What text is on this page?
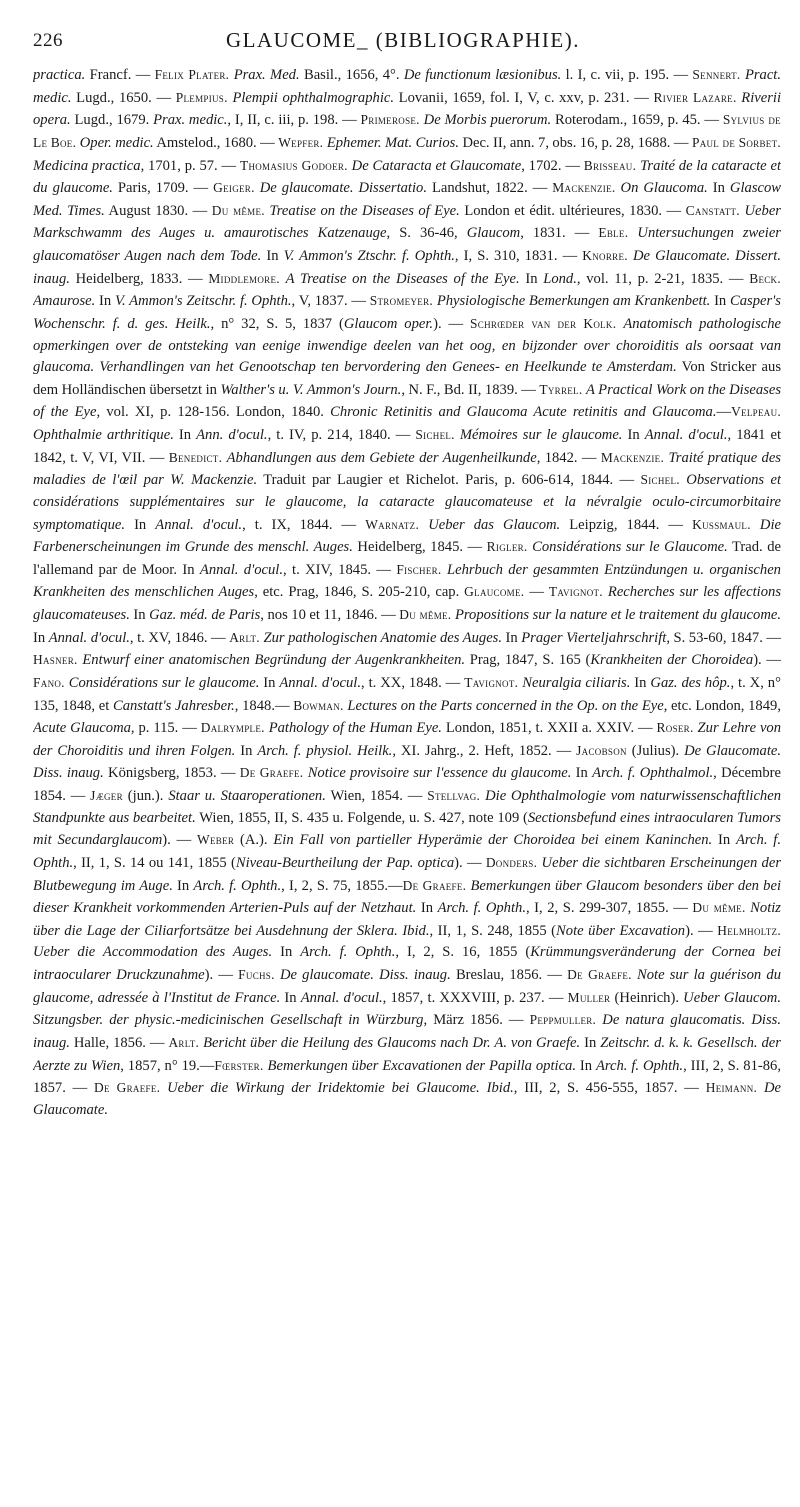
226	GLAUCOME_ (BIBLIOGRAPHIE).
practica. Francf. — Felix Plater. Prax. Med. Basil., 1656, 4°. De functionum læsionibus. l. I, c. vii, p. 195. — Sennert. Pract. medic. Lugd., 1650. — Plempius. Plempii ophthalmographic. Lovanii, 1659, fol. I, V, c. xxv, p. 231. — Rivier Lazare. Riverii opera. Lugd., 1679. Prax. medic., I, II, c. iii, p. 198. — Primerose. De Morbis puerorum. Roterodam., 1659, p. 45. — Sylvius de Le Boe. Oper. medic. Amstelod., 1680. — Wepfer. Ephemer. Mat. Curios. Dec. II, ann. 7, obs. 16, p. 28, 1688. — Paul de Sorbet. Medicina practica, 1701, p. 57. — Thomasius Godoer. De Cataracta et Glaucomate, 1702. — Brisseau. Traité de la cataracte et du glaucome. Paris, 1709. — Geiger. De glaucomate. Dissertatio. Landshut, 1822. — Mackenzie. On Glaucoma. In Glascow Med. Times. August 1830. — Du même. Treatise on the Diseases of Eye. London et édit. ultérieures, 1830. — Canstatt. Ueber Markschwamm des Auges u. amaurotisches Katzenauge, S. 36-46, Glaucom, 1831. — Eble. Untersuchungen zweier glaucomatöser Augen nach dem Tode. In V. Ammon's Ztschr. f. Ophth., I, S. 310, 1831. — Knorre. De Glaucomate. Dissert. inaug. Heidelberg, 1833. — Middlemore. A Treatise on the Diseases of the Eye. In Lond., vol. 11, p. 2-21, 1835. — Beck. Amaurose. In V. Ammon's Zeitschr. f. Ophth., V, 1837. — Stromeyer. Physiologische Bemerkungen am Krankenbett. In Casper's Wochenschr. f. d. ges. Heilk., n° 32, S. 5, 1837 (Glaucom oper.). — Schrœder van der Kolk. Anatomisch pathologische opmerkingen over de ontsteking van eenige inwendige deelen van het oog, en bijzonder over choroiditis als oorsaat van glaucoma. Verhandlingen van het Genootschap ten bervordering den Genees- en Heelkunde te Amsterdam. Von Stricker aus dem Holländischen übersetzt in Walther's u. V. Ammon's Journ., N. F., Bd. II, 1839. — Tyrrel. A Practical Work on the Diseases of the Eye, vol. XI, p. 128-156. London, 1840. Chronic Retinitis and Glaucoma Acute retinitis and Glaucoma.—Velpeau. Ophthalmie arthritique. In Ann. d'ocul., t. IV, p. 214, 1840. — Sichel. Mémoires sur le glaucome. In Annal. d'ocul., 1841 et 1842, t. V, VI, VII. — Benedict. Abhandlungen aus dem Gebiete der Augenheilkunde, 1842. — Mackenzie. Traité pratique des maladies de l'œil par W. Mackenzie. Traduit par Laugier et Richelot. Paris, p. 606-614, 1844. — Sichel. Observations et considérations supplémentaires sur le glaucome, la cataracte glaucomateuse et la névralgie oculo-circumorbitaire symptomatique. In Annal. d'ocul., t. IX, 1844. — Warnatz. Ueber das Glaucom. Leipzig, 1844. — Kussmaul. Die Farbenerscheinungen im Grunde des menschl. Auges. Heidelberg, 1845. — Rigler. Considérations sur le Glaucome. Trad. de l'allemand par de Moor. In Annal. d'ocul., t. XIV, 1845. — Fischer. Lehrbuch der gesammten Entzündungen u. organischen Krankheiten des menschlichen Auges, etc. Prag, 1846, S. 205-210, cap. Glaucome. — Tavignot. Recherches sur les affections glaucomateuses. In Gaz. méd. de Paris, nos 10 et 11, 1846. — Du même. Propositions sur la nature et le traitement du glaucome. In Annal. d'ocul., t. XV, 1846. — Arlt. Zur pathologischen Anatomie des Auges. In Prager Vierteljahrschrift, S. 53-60, 1847. — Hasner. Entwurf einer anatomischen Begründung der Augenkrankheiten. Prag, 1847, S. 165 (Krankheiten der Choroidea). — Fano. Considérations sur le glaucome. In Annal. d'ocul., t. XX, 1848. — Tavignot. Neuralgia ciliaris. In Gaz. des hôp., t. X, n° 135, 1848, et Canstatt's Jahresber., 1848.— Bowman. Lectures on the Parts concerned in the Op. on the Eye, etc. London, 1849, Acute Glaucoma, p. 115. — Dalrymple. Pathology of the Human Eye. London, 1851, t. XXII a. XXIV. — Roser. Zur Lehre von der Choroiditis und ihren Folgen. In Arch. f. physiol. Heilk., XI. Jahrg., 2. Heft, 1852. — Jacobson (Julius). De Glaucomate. Diss. inaug. Königsberg, 1853. — De Graefe. Notice provisoire sur l'essence du glaucome. In Arch. f. Ophthalmol., Décembre 1854. — Jæger (jun.). Staar u. Staaroperationen. Wien, 1854. — Stellvag. Die Ophthalmologie vom naturwissenschaftlichen Standpunkte aus bearbeitet. Wien, 1855, II, S. 435 u. Folgende, u. S. 427, note 109 (Sectionsbefund eines intraocularen Tumors mit Secundarglaucom). — Weber (A.). Ein Fall von partieller Hyperämie der Choroidea bei einem Kaninchen. In Arch. f. Ophth., II, 1, S. 14 ou 141, 1855 (Niveau-Beurtheilung der Pap. optica). — Donders. Ueber die sichtbaren Erscheinungen der Blutbewegung im Auge. In Arch. f. Ophth., I, 2, S. 75, 1855.—De Graefe. Bemerkungen über Glaucom besonders über den bei dieser Krankheit vorkommenden Arterien-Puls auf der Netzhaut. In Arch. f. Ophth., I, 2, S. 299-307, 1855. — Du même. Notiz über die Lage der Ciliarfortsätze bei Ausdehnung der Sklera. Ibid., II, 1, S. 248, 1855 (Note über Excavation). — Helmholtz. Ueber die Accommodation des Auges. In Arch. f. Ophth., I, 2, S. 16, 1855 (Krümmungsveränderung der Cornea bei intraocularer Druckzunahme). — Fuchs. De glaucomate. Diss. inaug. Breslau, 1856. — De Graefe. Note sur la guérison du glaucome, adressée à l'Institut de France. In Annal. d'ocul., 1857, t. XXXVIII, p. 237. — Muller (Heinrich). Ueber Glaucom. Sitzungsber. der physic.-medicinischen Gesellschaft in Würzburg, März 1856. — Peppmuller. De natura glaucomatis. Diss. inaug. Halle, 1856. — Arlt. Bericht über die Heilung des Glaucoms nach Dr. A. von Graefe. In Zeitschr. d. k. k. Gesellsch. der Aerzte zu Wien, 1857, n° 19.—Fœrster. Bemerkungen über Excavationen der Papilla optica. In Arch. f. Ophth., III, 2, S. 81-86, 1857. — De Graefe. Ueber die Wirkung der Iridektomie bei Glaucome. Ibid., III, 2, S. 456-555, 1857. — Heimann. De Glaucomate.
